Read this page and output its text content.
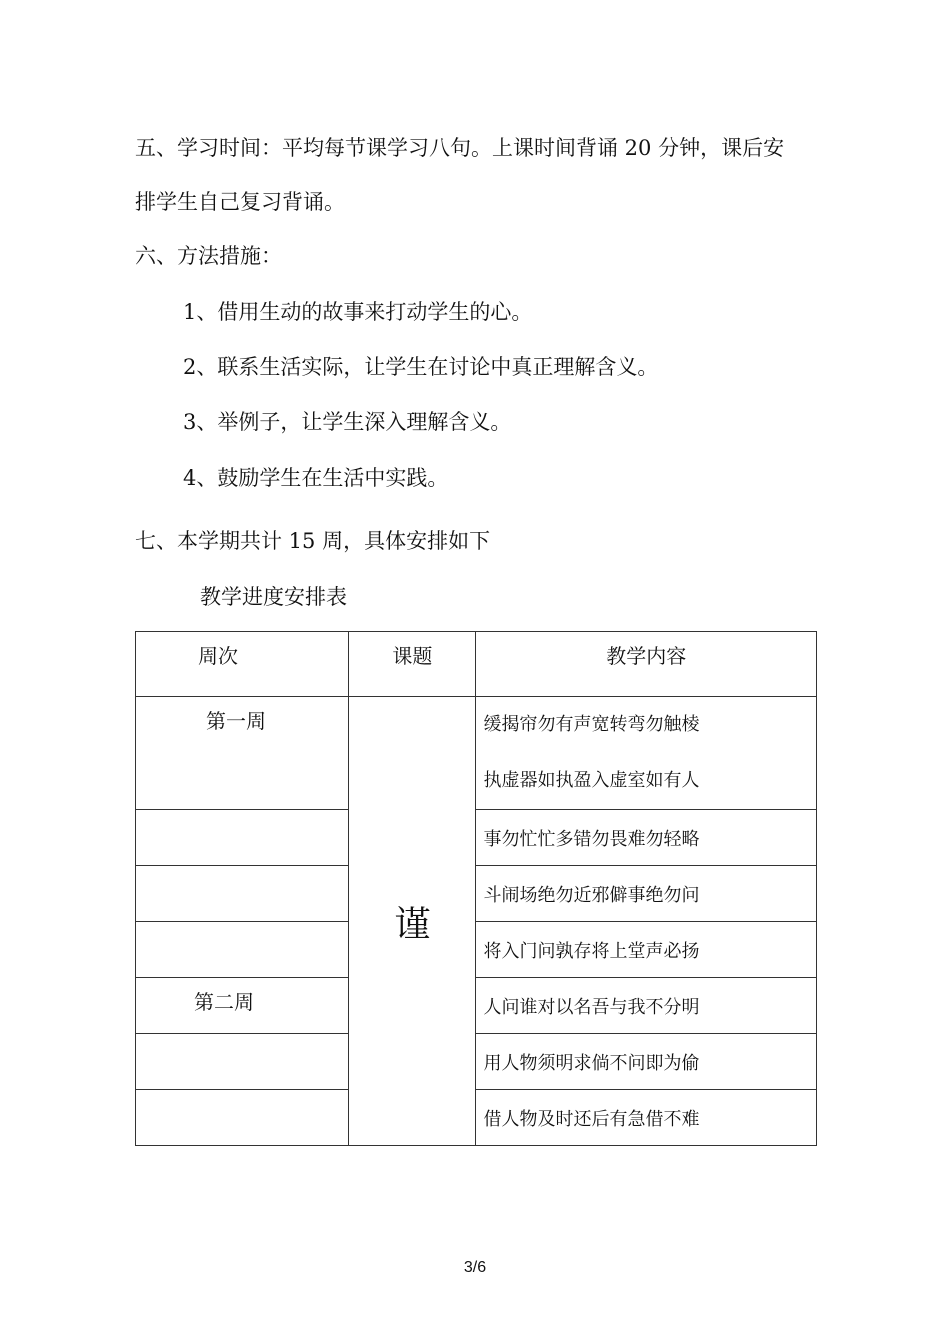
五、学习时间：平均每节课学习八句。上课时间背诵 20 分钟，课后安
排学生自己复习背诵。
六、方法措施：
1、借用生动的故事来打动学生的心。
2、联系生活实际，让学生在讨论中真正理解含义。
3、举例子，让学生深入理解含义。
4、鼓励学生在生活中实践。
七、本学期共计 15 周，具体安排如下
教学进度安排表
周次	课题	教学内容
第一周	谨	缓揭帘勿有声宽转弯勿触棱
执虚器如执盈入虚室如有人

		事勿忙忙多错勿畏难勿轻略
		斗闹场绝勿近邪僻事绝勿问
		将入门问孰存将上堂声必扬
第二周		人问谁对以名吾与我不分明
		用人物须明求倘不问即为偷
		借人物及时还后有急借不难
3/6
